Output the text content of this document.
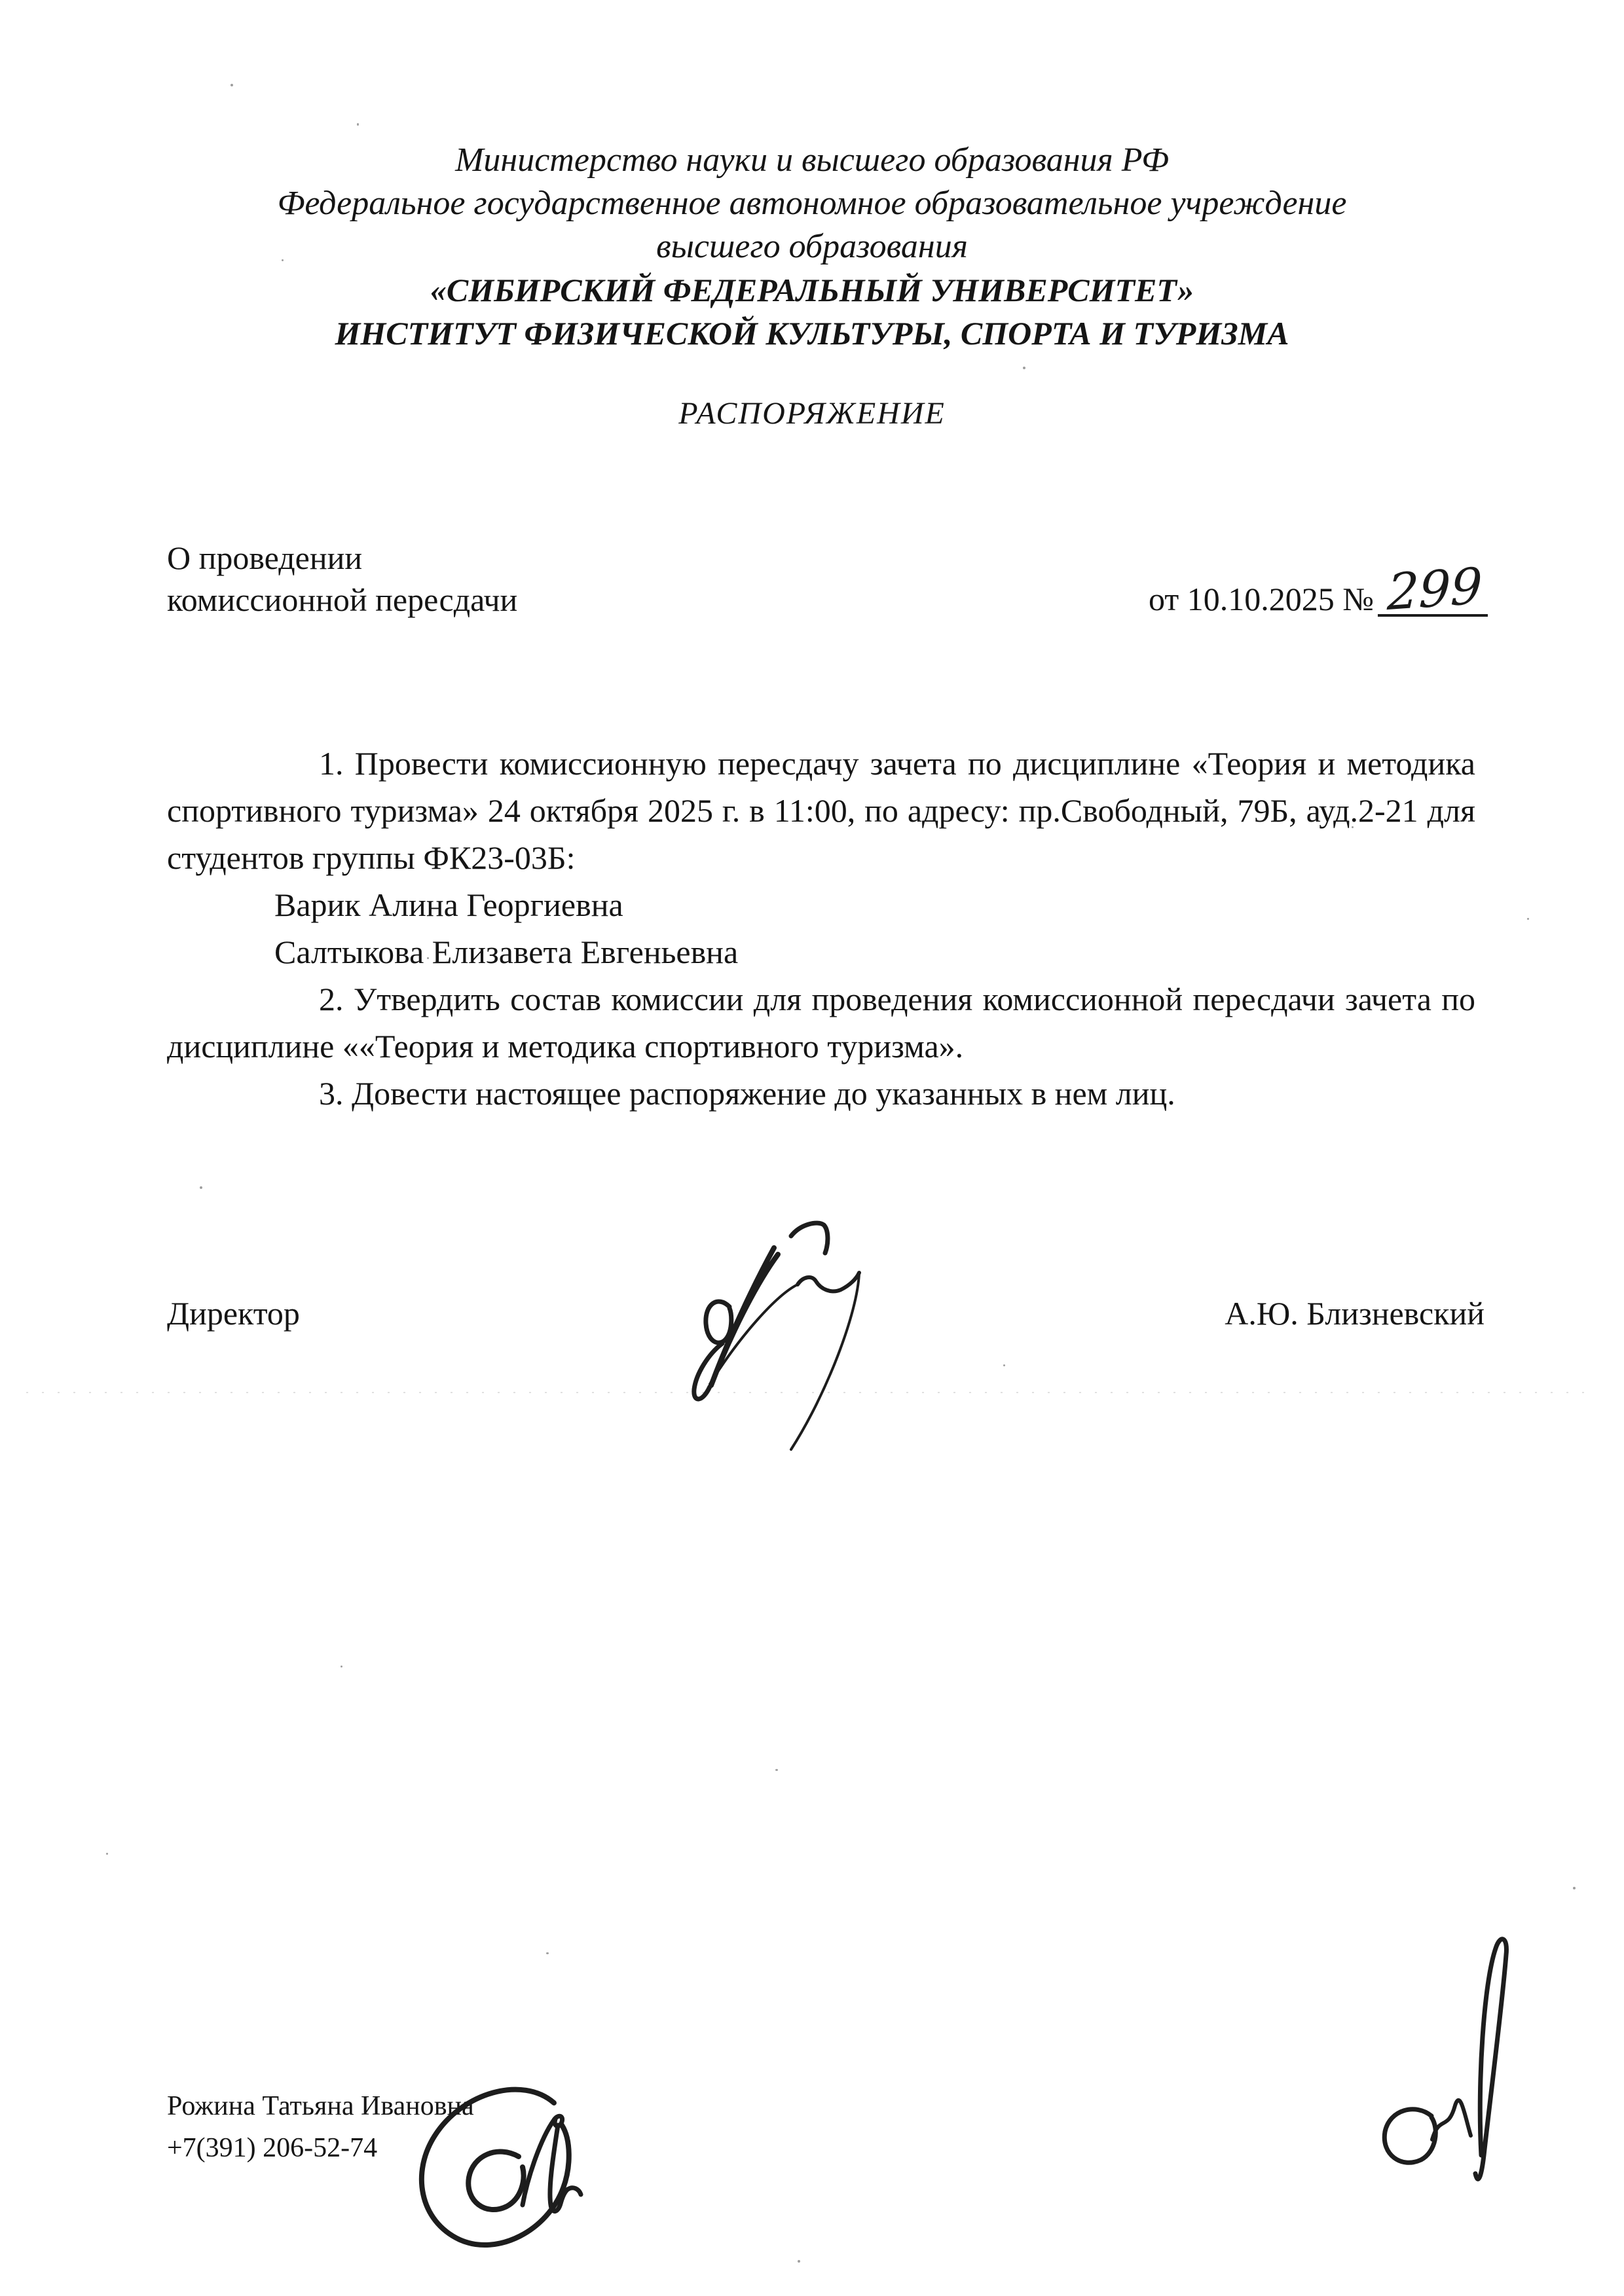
Министерство науки и высшего образования РФ
Федеральное государственное автономное образовательное учреждение
высшего образования
«СИБИРСКИЙ ФЕДЕРАЛЬНЫЙ УНИВЕРСИТЕТ»
ИНСТИТУТ ФИЗИЧЕСКОЙ КУЛЬТУРЫ, СПОРТА И ТУРИЗМА
РАСПОРЯЖЕНИЕ
О проведении
комиссионной пересдачи	от 10.10.2025 № 299

1. Провести комиссионную пересдачу зачета по дисциплине «Теория и методика спортивного туризма» 24 октября 2025 г. в 11:00, по адресу: пр.Свободный, 79Б, ауд.2-21 для студентов группы ФК23-03Б:

Варик Алина Георгиевна
Салтыкова Елизавета Евгеньевна

2. Утвердить состав комиссии для проведения комиссионной пересдачи зачета по дисциплине ««Теория и методика спортивного туризма».

3. Довести настоящее распоряжение до указанных в нем лиц.

Директор	А.Ю. Близневский
Рожина Татьяна Ивановна
+7(391) 206-52-74
